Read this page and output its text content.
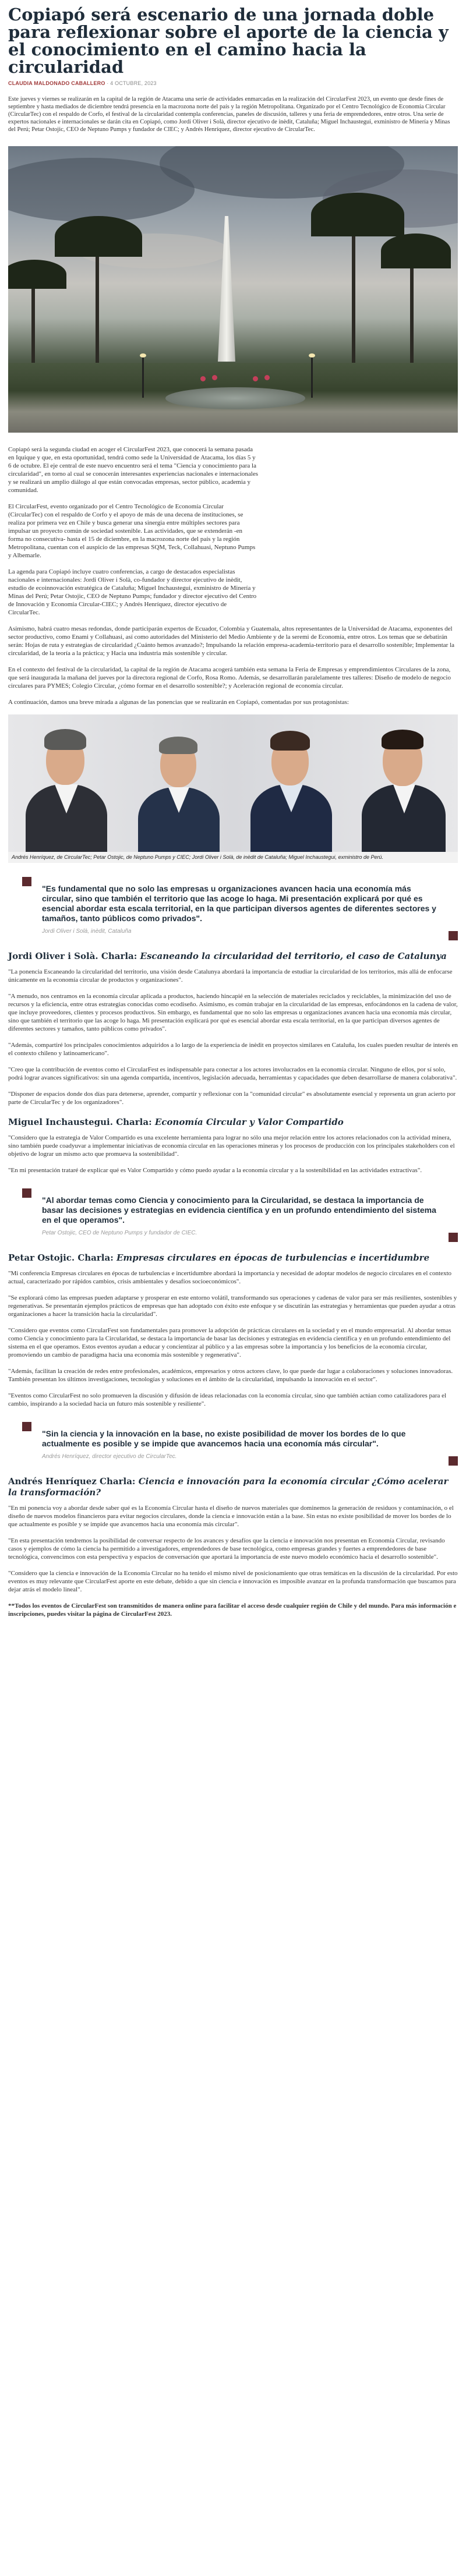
Copiapó será escenario de una jornada doble para reflexionar sobre el aporte de la ciencia y el conocimiento en el camino hacia la circularidad
CLAUDIA MALDONADO CABALLERO · 4 OCTUBRE, 2023

Este jueves y viernes se realizarán en la capital de la región de Atacama una serie de actividades enmarcadas en la realización del CircularFest 2023, un evento que desde fines de septiembre y hasta mediados de diciembre tendrá presencia en la macrozona norte del país y la región Metropolitana. Organizado por el Centro Tecnológico de Economía Circular (CircularTec) con el respaldo de Corfo, el festival de la circularidad contempla conferencias, paneles de discusión, talleres y una feria de emprendedores, entre otros. Una serie de expertos nacionales e internacionales se darán cita en Copiapó, como Jordi Oliver i Solà, director ejecutivo de inèdit, Cataluña; Miguel Inchaustegui, exministro de Minería y Minas del Perú; Petar Ostojic, CEO de Neptuno Pumps y fundador de CIEC; y Andrés Henríquez, director ejecutivo de CircularTec.

Copiapó será la segunda ciudad en acoger el CircularFest 2023, que conocerá la semana pasada en Iquique y que, en esta oportunidad, tendrá como sede la Universidad de Atacama, los días 5 y 6 de octubre. El eje central de este nuevo encuentro será el tema "Ciencia y conocimiento para la circularidad", en torno al cual se conocerán interesantes experiencias nacionales e internacionales y se realizará un amplio diálogo al que están convocadas empresas, sector público, academia y comunidad.

El CircularFest, evento organizado por el Centro Tecnológico de Economía Circular (CircularTec) con el respaldo de Corfo y el apoyo de más de una decena de instituciones, se realiza por primera vez en Chile y busca generar una sinergia entre múltiples sectores para impulsar un proyecto común de sociedad sostenible. Las actividades, que se extenderán -en forma no consecutiva- hasta el 15 de diciembre, en la macrozona norte del país y la región Metropolitana, cuentan con el auspicio de las empresas SQM, Teck, Collahuasi, Neptuno Pumps y Albemarle.

La agenda para Copiapó incluye cuatro conferencias, a cargo de destacados especialistas nacionales e internacionales: Jordi Oliver i Solà, co-fundador y director ejecutivo de inèdit, estudio de ecoinnovación estratégica de Cataluña; Miguel Inchaustegui, exministro de Minería y Minas del Perú; Petar Ostojic, CEO de Neptuno Pumps; fundador y director ejecutivo del Centro de Innovación y Economía Circular-CIEC; y Andrés Henríquez, director ejecutivo de CircularTec.

Asimismo, habrá cuatro mesas redondas, donde participarán expertos de Ecuador, Colombia y Guatemala, altos representantes de la Universidad de Atacama, exponentes del sector productivo, como Enami y Collahuasi, así como autoridades del Ministerio del Medio Ambiente y de la seremi de Economía, entre otros. Los temas que se debatirán serán: Hojas de ruta y estrategias de circularidad ¿Cuánto hemos avanzado?; Impulsando la relación empresa-academia-territorio para el desarrollo sostenible; Implementar la circularidad, de la teoría a la práctica; y Hacia una industria más sostenible y circular.

En el contexto del festival de la circularidad, la capital de la región de Atacama acogerá también esta semana la Feria de Empresas y emprendimientos Circulares de la zona, que será inaugurada la mañana del jueves por la directora regional de Corfo, Rosa Romo. Además, se desarrollarán paralelamente tres talleres: Diseño de modelo de negocio circulares para PYMES; Colegio Circular, ¿cómo formar en el desarrollo sostenible?; y Aceleración regional de economía circular.

A continuación, damos una breve mirada a algunas de las ponencias que se realizarán en Copiapó, comentadas por sus protagonistas:

Andrés Henríquez, de CircularTec; Petar Ostojic, de Neptuno Pumps y CIEC; Jordi Oliver i Solà, de inèdit de Cataluña; Miguel Inchaustegui, exministro de Perú.

"Es fundamental que no solo las empresas u organizaciones avancen hacia una economía más circular, sino que también el territorio que las acoge lo haga. Mi presentación explicará por qué es esencial abordar esta escala territorial, en la que participan diversos agentes de diferentes sectores y tamaños, tanto públicos como privados".

Jordi Oliver i Solà, inèdit, Cataluña
Jordi Oliver i Solà. Charla: Escaneando la circularidad del territorio, el caso de Catalunya

"La ponencia Escaneando la circularidad del territorio, una visión desde Catalunya abordará la importancia de estudiar la circularidad de los territorios, más allá de enfocarse únicamente en la economía circular de productos y organizaciones".

"A menudo, nos centramos en la economía circular aplicada a productos, haciendo hincapié en la selección de materiales reciclados y reciclables, la minimización del uso de recursos y la eficiencia, entre otras estrategias conocidas como ecodiseño. Asimismo, es común trabajar en la circularidad de las empresas, enfocándonos en la cadena de valor, que incluye proveedores, clientes y procesos productivos. Sin embargo, es fundamental que no solo las empresas u organizaciones avancen hacia una economía más circular, sino que también el territorio que las acoge lo haga. Mi presentación explicará por qué es esencial abordar esta escala territorial, en la que participan diversos agentes de diferentes sectores y tamaños, tanto públicos como privados".

"Además, compartiré los principales conocimientos adquiridos a lo largo de la experiencia de inèdit en proyectos similares en Cataluña, los cuales pueden resultar de interés en el contexto chileno y latinoamericano".

"Creo que la contribución de eventos como el CircularFest es indispensable para conectar a los actores involucrados en la economía circular. Ninguno de ellos, por sí solo, podrá lograr avances significativos: sin una agenda compartida, incentivos, legislación adecuada, herramientas y capacidades que deben desarrollarse de manera colaborativa".

"Disponer de espacios donde dos días para detenerse, aprender, compartir y reflexionar con la "comunidad circular" es absolutamente esencial y representa un gran acierto por parte de CircularTec y de los organizadores".

Miguel Inchaustegui. Charla: Economía Circular y Valor Compartido

"Considero que la estrategia de Valor Compartido es una excelente herramienta para lograr no sólo una mejor relación entre los actores relacionados con la actividad minera, sino también puede coadyuvar a implementar iniciativas de economía circular en las operaciones mineras y los procesos de producción con los principales stakeholders con el objetivo de lograr un mismo acto que promueva la sostenibilidad".

"En mi presentación trataré de explicar qué es Valor Compartido y cómo puedo ayudar a la economía circular y a la sostenibilidad en las actividades extractivas".

"Al abordar temas como Ciencia y conocimiento para la Circularidad, se destaca la importancia de basar las decisiones y estrategias en evidencia científica y en un profundo entendimiento del sistema en el que operamos".

Petar Ostojic, CEO de Neptuno Pumps y fundador de CIEC.
Petar Ostojic. Charla: Empresas circulares en épocas de turbulencias e incertidumbre

"Mi conferencia Empresas circulares en épocas de turbulencias e incertidumbre abordará la importancia y necesidad de adoptar modelos de negocio circulares en el contexto actual, caracterizado por rápidos cambios, crisis ambientales y desafíos socioeconómicos".

"Se explorará cómo las empresas pueden adaptarse y prosperar en este entorno volátil, transformando sus operaciones y cadenas de valor para ser más resilientes, sostenibles y regenerativas. Se presentarán ejemplos prácticos de empresas que han adoptado con éxito este enfoque y se discutirán las estrategias y herramientas que pueden ayudar a otras organizaciones a hacer la transición hacia la circularidad".

"Considero que eventos como CircularFest son fundamentales para promover la adopción de prácticas circulares en la sociedad y en el mundo empresarial. Al abordar temas como Ciencia y conocimiento para la Circularidad, se destaca la importancia de basar las decisiones y estrategias en evidencia científica y en un profundo entendimiento del sistema en el que operamos. Estos eventos ayudan a educar y concientizar al público y a las empresas sobre la importancia y los beneficios de la economía circular, promoviendo un cambio de paradigma hacia una economía más sostenible y regenerativa".

"Además, facilitan la creación de redes entre profesionales, académicos, empresarios y otros actores clave, lo que puede dar lugar a colaboraciones y soluciones innovadoras. También presentan los últimos investigaciones, tecnologías y soluciones en el ámbito de la circularidad, impulsando la innovación en el sector".

"Eventos como CircularFest no solo promueven la discusión y difusión de ideas relacionadas con la economía circular, sino que también actúan como catalizadores para el cambio, inspirando a la sociedad hacia un futuro más sostenible y resiliente".

"Sin la ciencia y la innovación en la base, no existe posibilidad de mover los bordes de lo que actualmente es posible y se impide que avancemos hacia una economía más circular".

Andrés Henríquez, director ejecutivo de CircularTec.
Andrés Henríquez Charla: Ciencia e innovación para la economía circular ¿Cómo acelerar la transformación?

"En mi ponencia voy a abordar desde saber qué es la Economía Circular hasta el diseño de nuevos materiales que dominemos la generación de residuos y contaminación, o el diseño de nuevos modelos financieros para evitar negocios circulares, donde la ciencia e innovación están a la base. Sin estas no existe posibilidad de mover los bordes de lo que actualmente es posible y se impide que avancemos hacia una economía más circular".

"En esta presentación tendremos la posibilidad de conversar respecto de los avances y desafíos que la ciencia e innovación nos presentan en Economía Circular, revisando casos y ejemplos de cómo la ciencia ha permitido a investigadores, emprendedores de base tecnológica, como empresas grandes y fuertes a emprendedores de base tecnológica, convencimos con esta perspectiva y espacios de conversación que aportará la importancia de este nuevo modelo económico hacia el desarrollo sostenible".

"Considero que la ciencia e innovación de la Economía Circular no ha tenido el mismo nivel de posicionamiento que otras temáticas en la discusión de la circularidad. Por esto eventos es muy relevante que CircularFest aporte en este debate, debido a que sin ciencia e innovación es imposible avanzar en la profunda transformación que buscamos para dejar atrás el modelo lineal".

**Todos los eventos de CircularFest son transmitidos de manera online para facilitar el acceso desde cualquier región de Chile y del mundo. Para más información e inscripciones, puedes visitar la página de CircularFest 2023.
